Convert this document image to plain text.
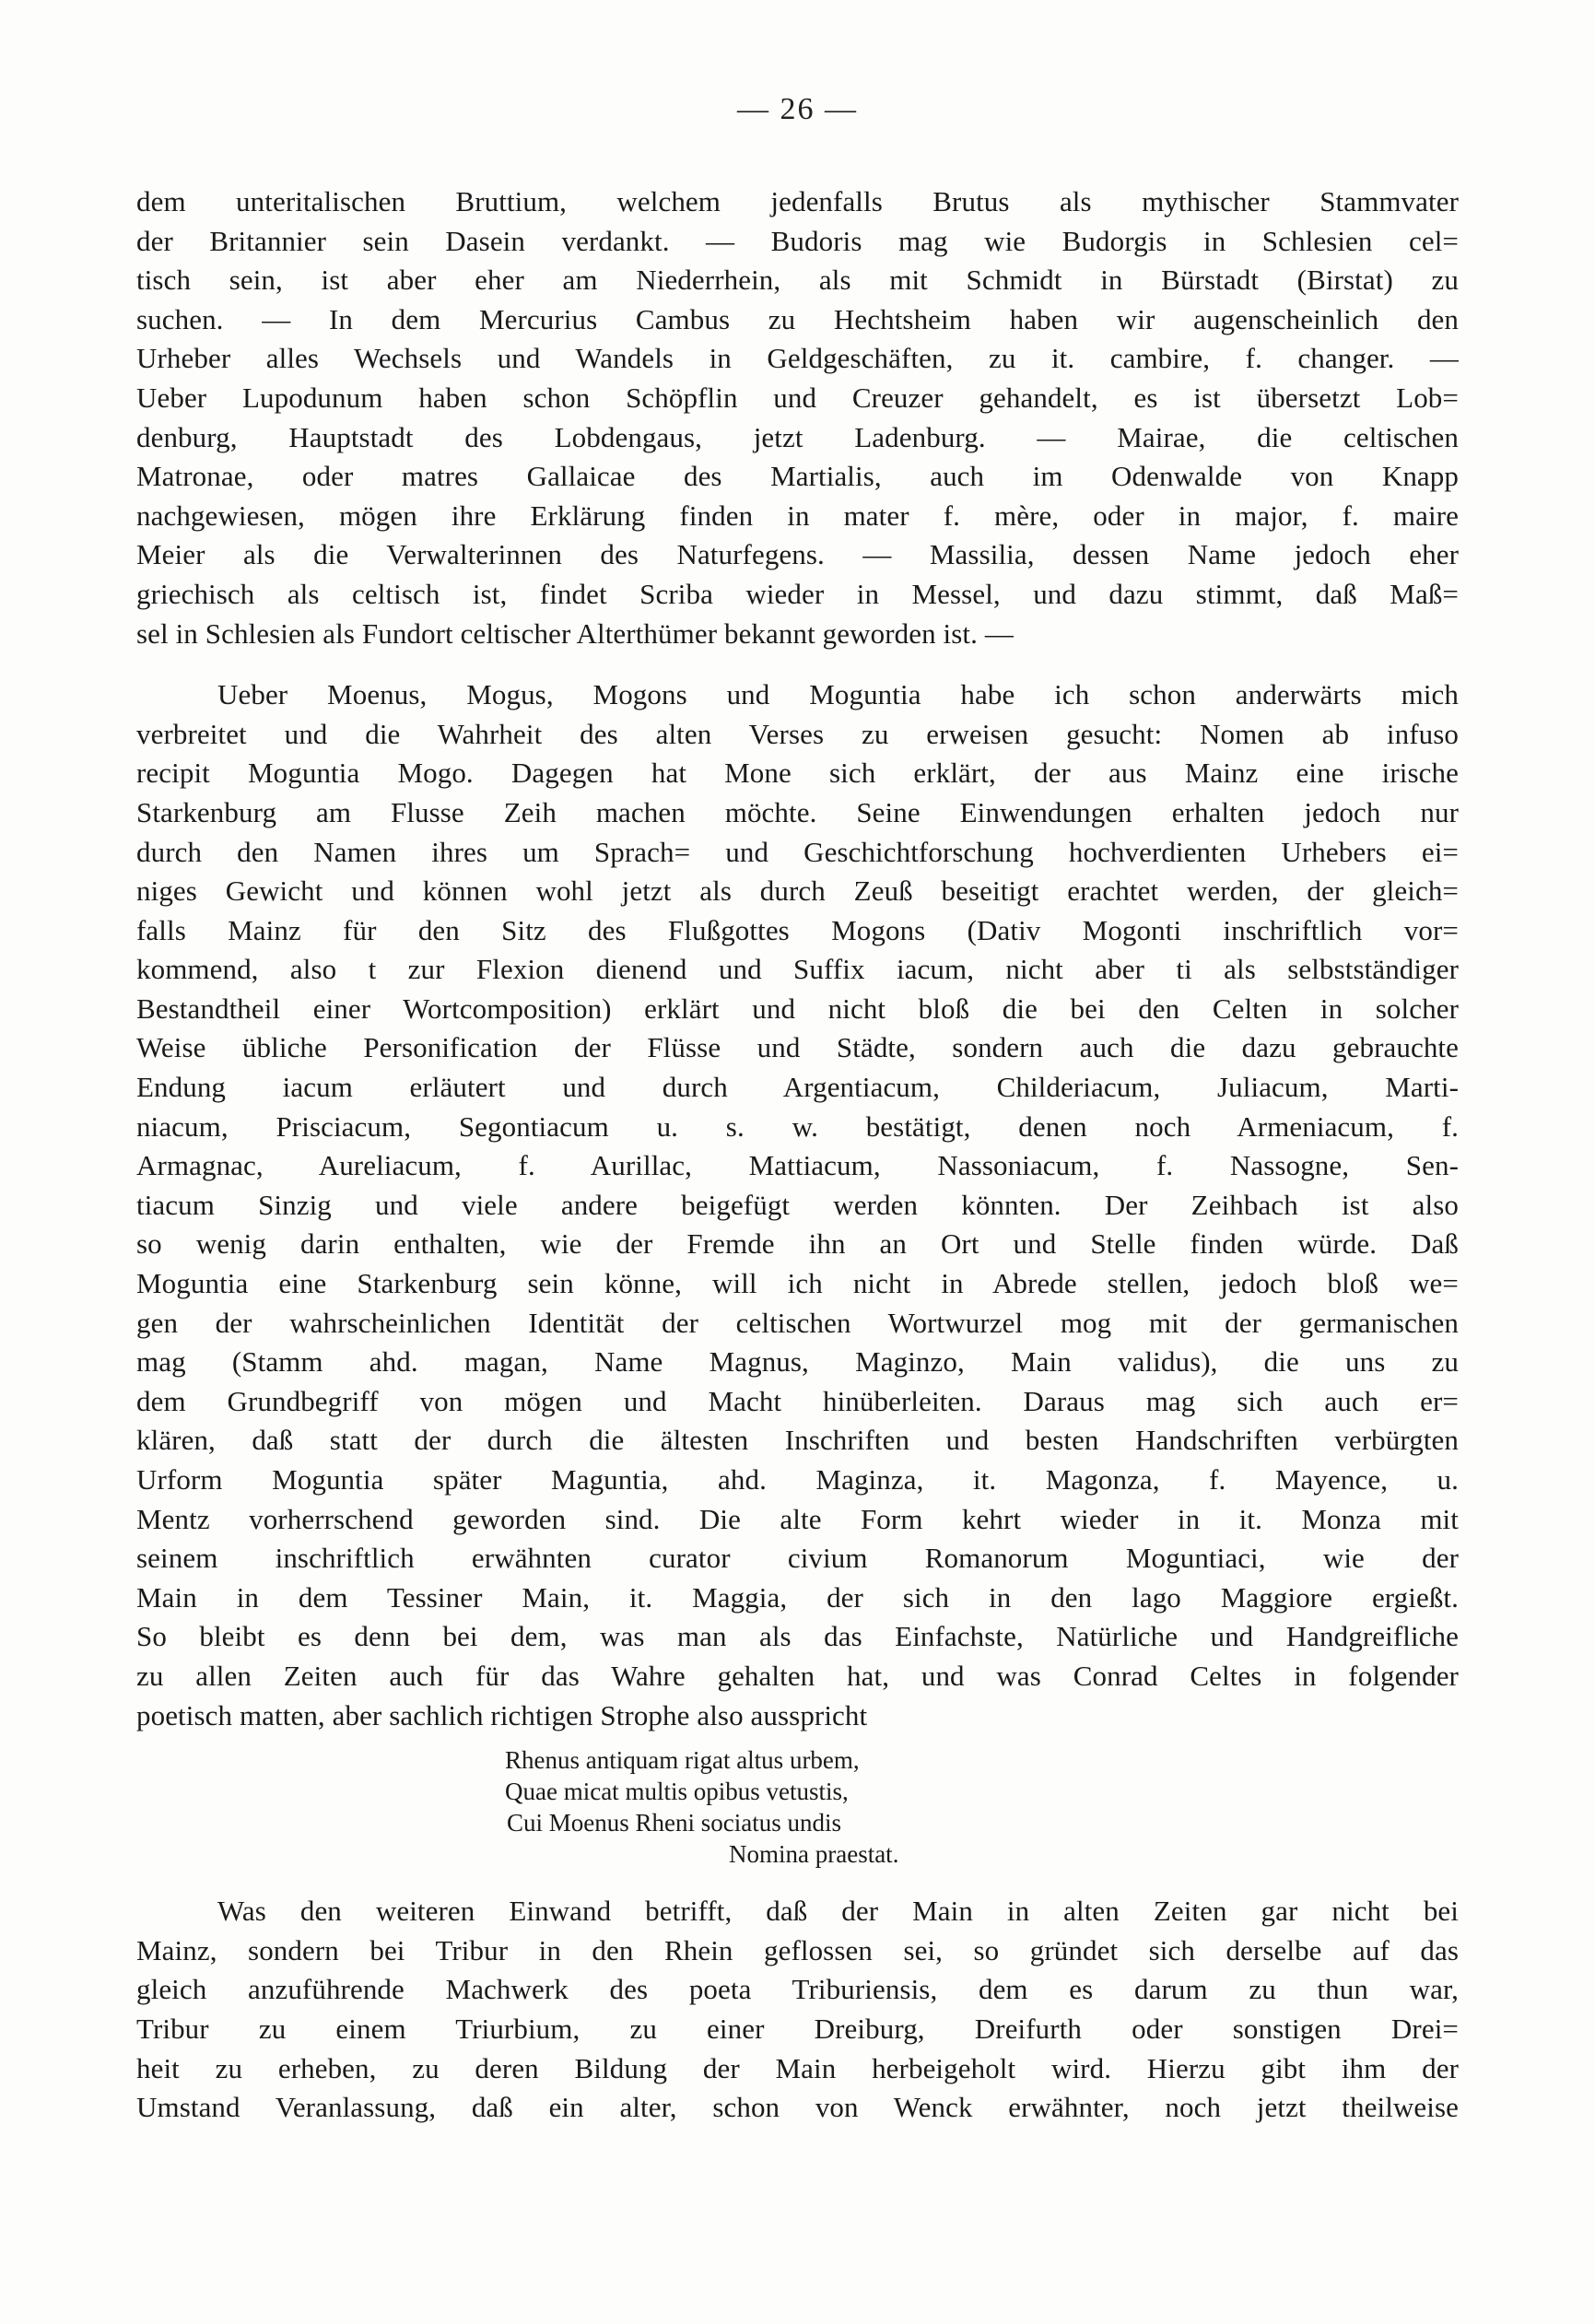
— 26 —
dem unteritalischen Bruttium, welchem jedenfalls Brutus als mythischer Stammvater
der Britannier sein Dasein verdankt. — Budoris mag wie Budorgis in Schlesien cel=
tisch sein, ist aber eher am Niederrhein, als mit Schmidt in Bürstadt (Birstat) zu
suchen. — In dem Mercurius Cambus zu Hechtsheim haben wir augenscheinlich den
Urheber alles Wechsels und Wandels in Geldgeschäften, zu it. cambire, f. changer. —
Ueber Lupodunum haben schon Schöpflin und Creuzer gehandelt, es ist übersetzt Lob=
denburg, Hauptstadt des Lobdengaus, jetzt Ladenburg. — Mairae, die celtischen
Matronae, oder matres Gallaicae des Martialis, auch im Odenwalde von Knapp
nachgewiesen, mögen ihre Erklärung finden in mater f. mère, oder in major, f. maire
Meier als die Verwalterinnen des Naturfegens. — Massilia, dessen Name jedoch eher
griechisch als celtisch ist, findet Scriba wieder in Messel, und dazu stimmt, daß Maß=
sel in Schlesien als Fundort celtischer Alterthümer bekannt geworden ist. —
Ueber Moenus, Mogus, Mogons und Moguntia habe ich schon anderwärts mich
verbreitet und die Wahrheit des alten Verses zu erweisen gesucht: Nomen ab infuso
recipit Moguntia Mogo. Dagegen hat Mone sich erklärt, der aus Mainz eine irische
Starkenburg am Flusse Zeih machen möchte. Seine Einwendungen erhalten jedoch nur
durch den Namen ihres um Sprach= und Geschichtforschung hochverdienten Urhebers ei=
niges Gewicht und können wohl jetzt als durch Zeuß beseitigt erachtet werden, der gleich=
falls Mainz für den Sitz des Flußgottes Mogons (Dativ Mogonti inschriftlich vor=
kommend, also t zur Flexion dienend und Suffix iacum, nicht aber ti als selbstständiger
Bestandtheil einer Wortcomposition) erklärt und nicht bloß die bei den Celten in solcher
Weise übliche Personification der Flüsse und Städte, sondern auch die dazu gebrauchte
Endung iacum erläutert und durch Argentiacum, Childeriacum, Juliacum, Marti-
niacum, Prisciacum, Segontiacum u. s. w. bestätigt, denen noch Armeniacum, f.
Armagnac, Aureliacum, f. Aurillac, Mattiacum, Nassoniacum, f. Nassogne, Sen-
tiacum Sinzig und viele andere beigefügt werden könnten. Der Zeihbach ist also
so wenig darin enthalten, wie der Fremde ihn an Ort und Stelle finden würde. Daß
Moguntia eine Starkenburg sein könne, will ich nicht in Abrede stellen, jedoch bloß we=
gen der wahrscheinlichen Identität der celtischen Wortwurzel mog mit der germanischen
mag (Stamm ahd. magan, Name Magnus, Maginzo, Main validus), die uns zu
dem Grundbegriff von mögen und Macht hinüberleiten. Daraus mag sich auch er=
klären, daß statt der durch die ältesten Inschriften und besten Handschriften verbürgten
Urform Moguntia später Maguntia, ahd. Maginza, it. Magonza, f. Mayence, u.
Mentz vorherrschend geworden sind. Die alte Form kehrt wieder in it. Monza mit
seinem inschriftlich erwähnten curator civium Romanorum Moguntiaci, wie der
Main in dem Tessiner Main, it. Maggia, der sich in den lago Maggiore ergießt.
So bleibt es denn bei dem, was man als das Einfachste, Natürliche und Handgreifliche
zu allen Zeiten auch für das Wahre gehalten hat, und was Conrad Celtes in folgender
poetisch matten, aber sachlich richtigen Strophe also ausspricht
Rhenus antiquam rigat altus urbem,
Quae micat multis opibus vetustis,
Cui Moenus Rheni sociatus undis
Nomina praestat.
Was den weiteren Einwand betrifft, daß der Main in alten Zeiten gar nicht bei
Mainz, sondern bei Tribur in den Rhein geflossen sei, so gründet sich derselbe auf das
gleich anzuführende Machwerk des poeta Triburiensis, dem es darum zu thun war,
Tribur zu einem Triurbium, zu einer Dreiburg, Dreifurth oder sonstigen Drei=
heit zu erheben, zu deren Bildung der Main herbeigeholt wird. Hierzu gibt ihm der
Umstand Veranlassung, daß ein alter, schon von Wenck erwähnter, noch jetzt theilweise
